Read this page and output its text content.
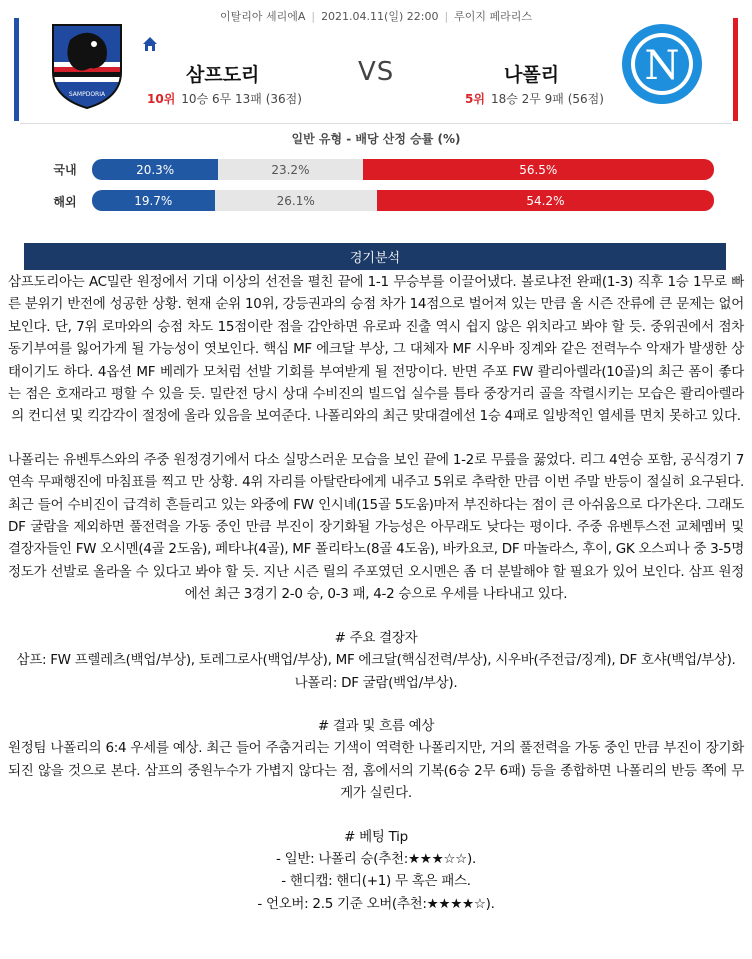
이탈리아 세리에A | 2021.04.11(일) 22:00 | 루이지 페라리스
SAMPDORIA
삼프도리	VS	나폴리
10위 10승 6무 13패 (36점)	5위 18승 2무 9패 (56점)
N
일반 유형 - 배당 산정 승률 (%)
국내	20.3%	23.2%	56.5%
해외	19.7%	26.1%	54.2%
경기분석

삼프도리아는 AC밀란 원정에서 기대 이상의 선전을 펼친 끝에 1-1 무승부를 이끌어냈다. 볼로냐전 완패(1-3) 직후 1승 1무로 빠른 분위기 반전에 성공한 상황. 현재 순위 10위, 강등권과의 승점 차가 14점으로 벌어져 있는 만큼 올 시즌 잔류에 큰 문제는 없어 보인다. 단, 7위 로마와의 승점 차도 15점이란 점을 감안하면 유로파 진출 역시 쉽지 않은 위치라고 봐야 할 듯. 중위권에서 점차 동기부여를 잃어가게 될 가능성이 엿보인다. 핵심 MF 에크달 부상, 그 대체자 MF 시우바 징계와 같은 전력누수 악재가 발생한 상태이기도 하다. 4옵션 MF 베레가 모처럼 선발 기회를 부여받게 될 전망이다. 반면 주포 FW 콸리아렐라(10골)의 최근 폼이 좋다는 점은 호재라고 평할 수 있을 듯. 밀란전 당시 상대 수비진의 빌드업 실수를 틈타 중장거리 골을 작렬시키는 모습은 콸리아렐라의 컨디션 및 킥감각이 절정에 올라 있음을 보여준다. 나폴리와의 최근 맞대결에선 1승 4패로 일방적인 열세를 면치 못하고 있다.

나폴리는 유벤투스와의 주중 원정경기에서 다소 실망스러운 모습을 보인 끝에 1-2로 무릎을 꿇었다. 리그 4연승 포함, 공식경기 7연속 무패행진에 마침표를 찍고 만 상황. 4위 자리를 아탈란타에게 내주고 5위로 추락한 만큼 이번 주말 반등이 절실히 요구된다. 최근 들어 수비진이 급격히 흔들리고 있는 와중에 FW 인시녜(15골 5도움)마저 부진하다는 점이 큰 아쉬움으로 다가온다. 그래도 DF 굴람을 제외하면 풀전력을 가동 중인 만큼 부진이 장기화될 가능성은 아무래도 낮다는 평이다. 주중 유벤투스전 교체멤버 및 결장자들인 FW 오시멘(4골 2도움), 페타냐(4골), MF 폴리타노(8골 4도움), 바카요코, DF 마놀라스, 후이, GK 오스피나 중 3-5명 정도가 선발로 올라올 수 있다고 봐야 할 듯. 지난 시즌 릴의 주포였던 오시멘은 좀 더 분발해야 할 필요가 있어 보인다. 삼프 원정에선 최근 3경기 2-0 승, 0-3 패, 4-2 승으로 우세를 나타내고 있다.

# 주요 결장자

삼프: FW 프렐레츠(백업/부상), 토레그로사(백업/부상), MF 에크달(핵심전력/부상), 시우바(주전급/징계), DF 호샤(백업/부상).

나폴리: DF 굴람(백업/부상).

# 결과 및 흐름 예상

원정팀 나폴리의 6:4 우세를 예상. 최근 들어 주춤거리는 기색이 역력한 나폴리지만, 거의 풀전력을 가동 중인 만큼 부진이 장기화되진 않을 것으로 본다. 삼프의 중원누수가 가볍지 않다는 점, 홈에서의 기복(6승 2무 6패) 등을 종합하면 나폴리의 반등 쪽에 무게가 실린다.

# 베팅 Tip

- 일반: 나폴리 승(추천:★★★☆☆).

- 핸디캡: 핸디(+1) 무 혹은 패스.

- 언오버: 2.5 기준 오버(추천:★★★★☆).
